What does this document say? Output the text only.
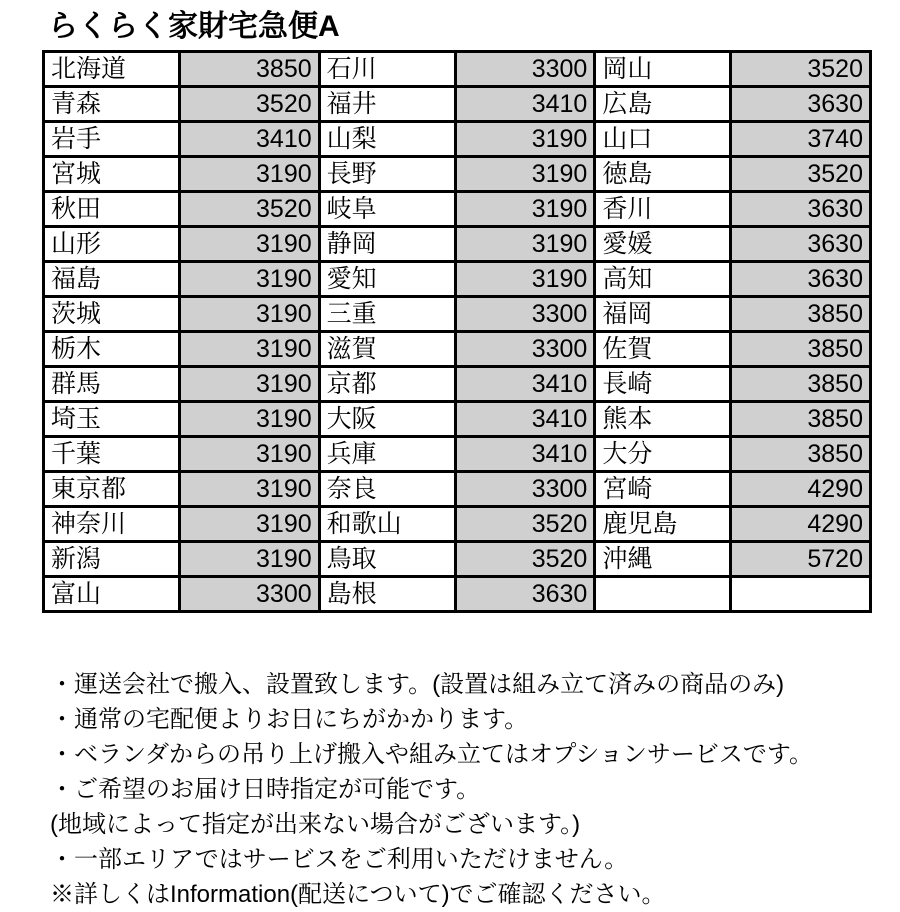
らくらく家財宅急便A
北海道	3850	石川	3300	岡山	3520
青森	3520	福井	3410	広島	3630
岩手	3410	山梨	3190	山口	3740
宮城	3190	長野	3190	徳島	3520
秋田	3520	岐阜	3190	香川	3630
山形	3190	静岡	3190	愛媛	3630
福島	3190	愛知	3190	高知	3630
茨城	3190	三重	3300	福岡	3850
栃木	3190	滋賀	3300	佐賀	3850
群馬	3190	京都	3410	長崎	3850
埼玉	3190	大阪	3410	熊本	3850
千葉	3190	兵庫	3410	大分	3850
東京都	3190	奈良	3300	宮崎	4290
神奈川	3190	和歌山	3520	鹿児島	4290
新潟	3190	鳥取	3520	沖縄	5720
富山	3300	島根	3630		

・運送会社で搬入、設置致します。(設置は組み立て済みの商品のみ)

・通常の宅配便よりお日にちがかかります。

・ベランダからの吊り上げ搬入や組み立てはオプションサービスです。

・ご希望のお届け日時指定が可能です。

(地域によって指定が出来ない場合がございます。)

・一部エリアではサービスをご利用いただけません。

※詳しくはInformation(配送について)でご確認ください。
